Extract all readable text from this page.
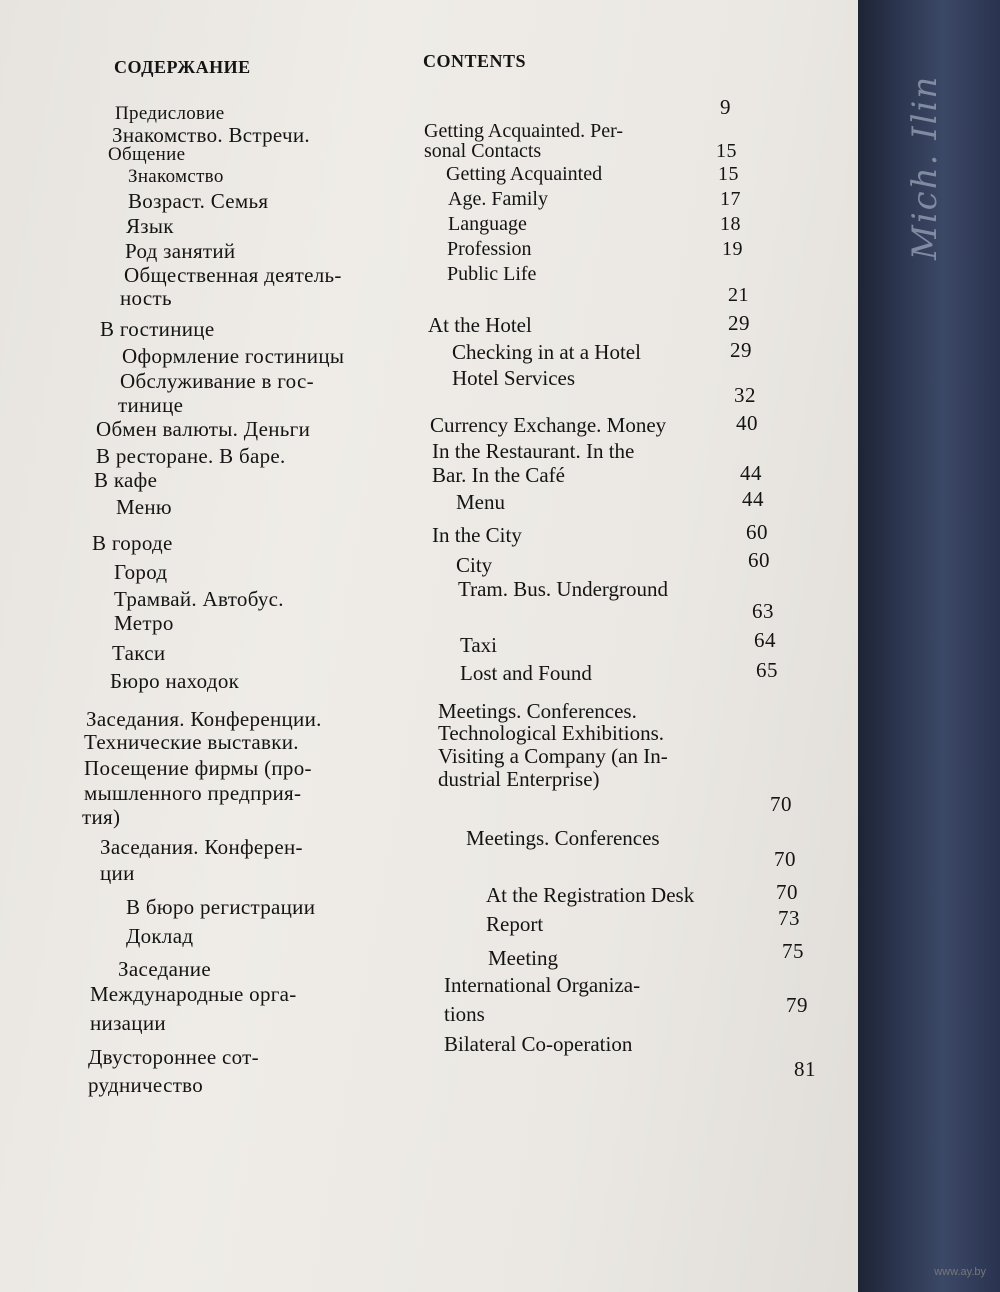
Mich. Ilin
СОДЕРЖАНИЕ	CONTENTS
Предисловие
Знакомство. Встречи.
Общение
Знакомство
Возраст. Семья
Язык
Род занятий
Общественная деятель-
ность
В гостинице
Оформление гостиницы
Обслуживание в гос-
тинице
Обмен валюты. Деньги
В ресторане. В баре.
В кафе
Меню
В городе
Город
Трамвай. Автобус.
Метро
Такси
Бюро находок
Заседания. Конференции.
Технические выставки.
Посещение фирмы (про-
мышленного предприя-
тия)
Заседания. Конферен-
ции
В бюро регистрации
Доклад
Заседание
Международные орга-
низации
Двустороннее сот-
рудничество
Getting Acquainted. Per-
sonal Contacts
Getting Acquainted
Age. Family
Language
Profession
Public Life
At the Hotel
Checking in at a Hotel
Hotel Services
Currency Exchange. Money
In the Restaurant. In the
Bar. In the Café
Menu
In the City
City
Tram. Bus. Underground
Taxi
Lost and Found
Meetings. Conferences.
Technological Exhibitions.
Visiting a Company (an In-
dustrial Enterprise)
Meetings. Conferences
At the Registration Desk
Report
Meeting
International Organiza-
tions
Bilateral Co-operation
9
15
15
17
18
19
21
29
29
32
40
44
44
60
60
63
64
65
70
70
70
73
75
79
81
www.ay.by
